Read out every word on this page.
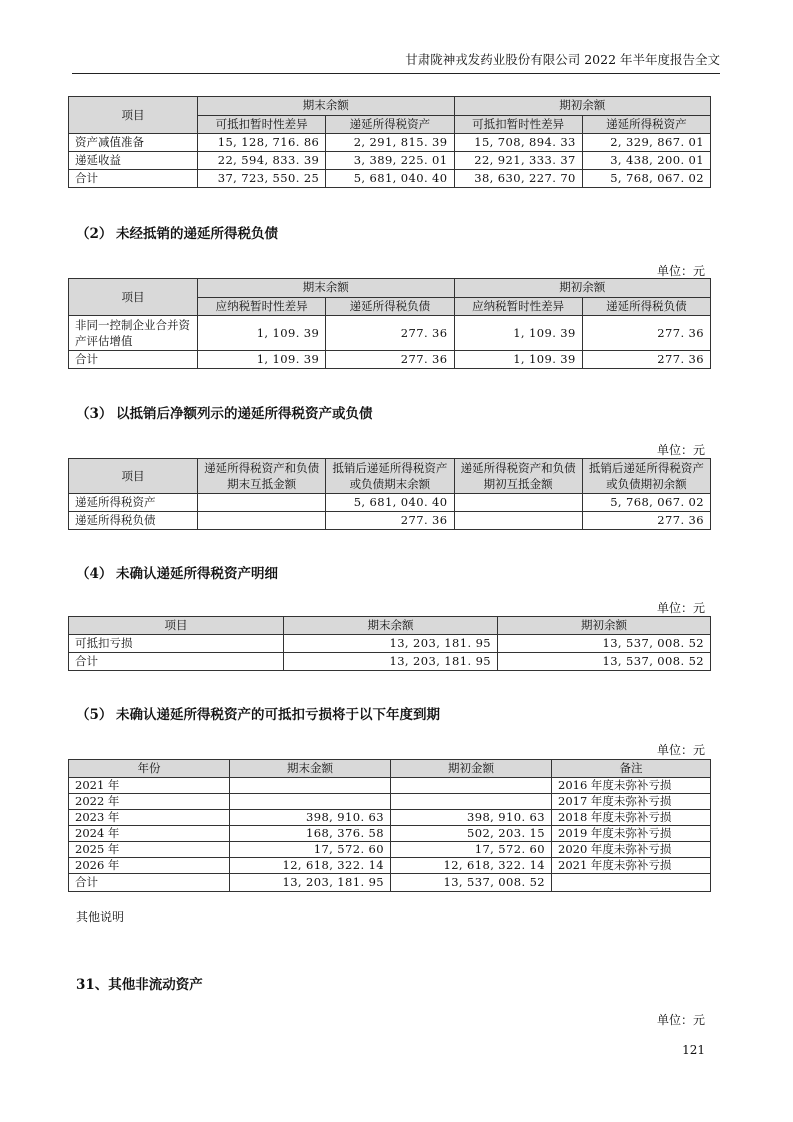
甘肃陇神戎发药业股份有限公司 2022 年半年度报告全文
项目	期末余额		期初余额	
	可抵扣暂时性差异	递延所得税资产	可抵扣暂时性差异	递延所得税资产
资产减值准备	15, 128, 716. 86	2, 291, 815. 39	15, 708, 894. 33	2, 329, 867. 01
递延收益	22, 594, 833. 39	3, 389, 225. 01	22, 921, 333. 37	3, 438, 200. 01
合计	37, 723, 550. 25	5, 681, 040. 40	38, 630, 227. 70	5, 768, 067. 02
（2） 未经抵销的递延所得税负债
单位：元
项目	期末余额		期初余额	
	应纳税暂时性差异	递延所得税负债	应纳税暂时性差异	递延所得税负债
非同一控制企业合并资产评估增值	1, 109. 39	277. 36	1, 109. 39	277. 36
合计	1, 109. 39	277. 36	1, 109. 39	277. 36
（3） 以抵销后净额列示的递延所得税资产或负债
单位：元
项目	递延所得税资产和负债期末互抵金额	抵销后递延所得税资产或负债期末余额	递延所得税资产和负债期初互抵金额	抵销后递延所得税资产或负债期初余额
递延所得税资产		5, 681, 040. 40		5, 768, 067. 02
递延所得税负债		277. 36		277. 36
（4） 未确认递延所得税资产明细
单位：元
项目	期末余额	期初余额
可抵扣亏损	13, 203, 181. 95	13, 537, 008. 52
合计	13, 203, 181. 95	13, 537, 008. 52
（5） 未确认递延所得税资产的可抵扣亏损将于以下年度到期
单位：元
年份	期末金额	期初金额	备注
2021 年			2016 年度未弥补亏损
2022 年			2017 年度未弥补亏损
2023 年	398, 910. 63	398, 910. 63	2018 年度未弥补亏损
2024 年	168, 376. 58	502, 203. 15	2019 年度未弥补亏损
2025 年	17, 572. 60	17, 572. 60	2020 年度未弥补亏损
2026 年	12, 618, 322. 14	12, 618, 322. 14	2021 年度未弥补亏损
合计	13, 203, 181. 95	13, 537, 008. 52	
其他说明
31、其他非流动资产
单位：元
121
